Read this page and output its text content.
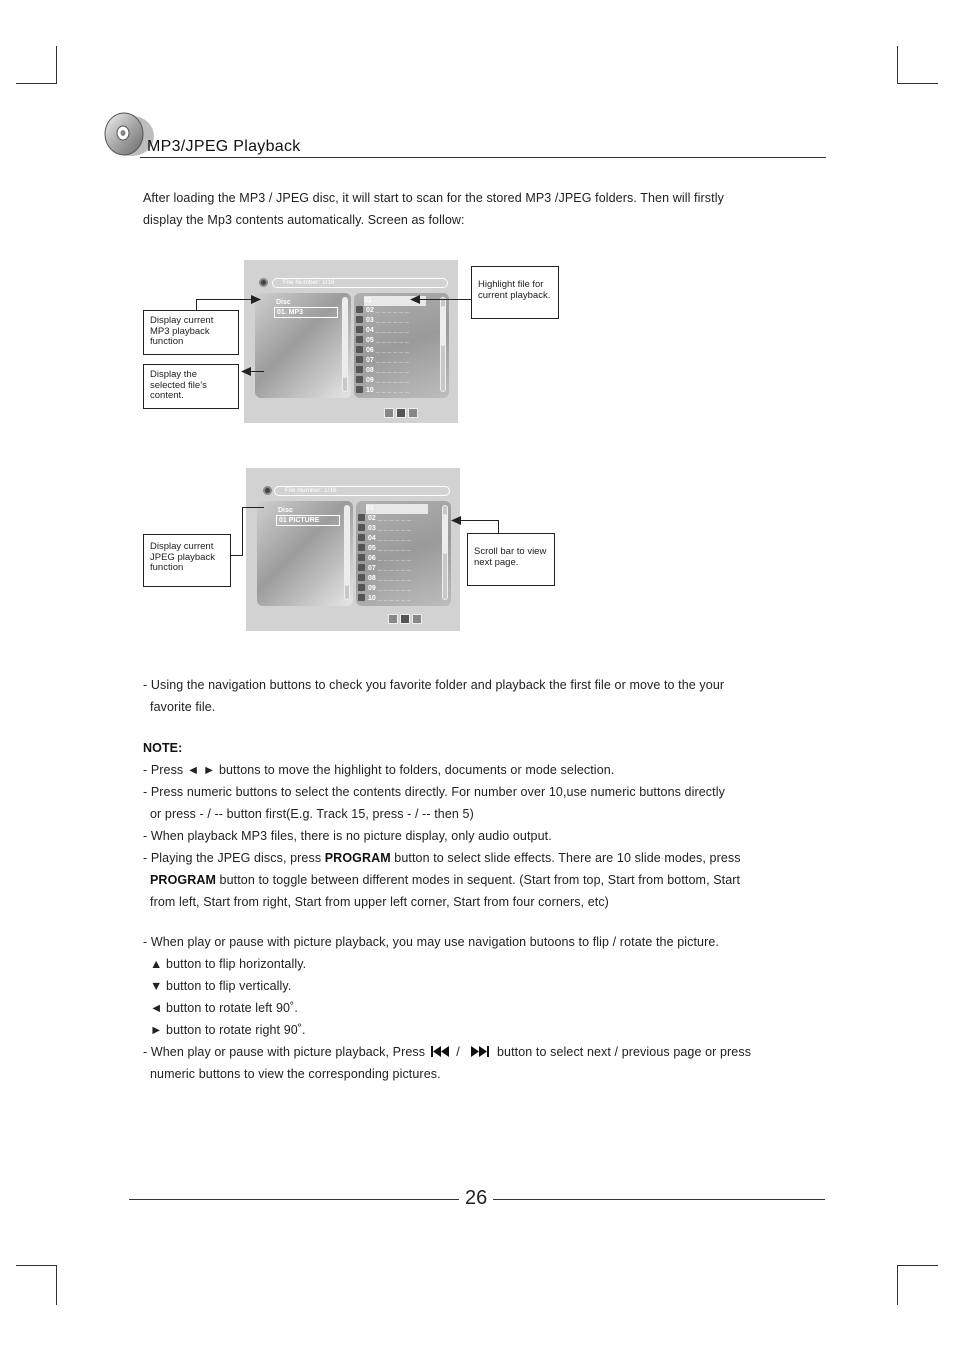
MP3/JPEG Playback
After loading the MP3 / JPEG disc, it will start to scan for the stored MP3 /JPEG folders. Then will firstly
display the Mp3 contents automatically. Screen as follow:
File Number: 1/16
Disc
01. MP3
01
02 _ _ _ _ _ _
03 _ _ _ _ _ _
04 _ _ _ _ _ _
05 _ _ _ _ _ _
06 _ _ _ _ _ _
07 _ _ _ _ _ _
08 _ _ _ _ _ _
09 _ _ _ _ _ _
10 _ _ _ _ _ _
Display current MP3 playback function
Display the selected file’s content.
Highlight file for current playback.
File Number: 1/16
Disc
01 PICTURE
01
02 _ _ _ _ _ _
03 _ _ _ _ _ _
04 _ _ _ _ _ _
05 _ _ _ _ _ _
06 _ _ _ _ _ _
07 _ _ _ _ _ _
08 _ _ _ _ _ _
09 _ _ _ _ _ _
10 _ _ _ _ _ _
Display current JPEG playback function
Scroll bar to view next page.
- Using the navigation buttons to check you favorite folder and playback the first file or move to the your
favorite file.
NOTE:
- Press ◄ ► buttons to move the highlight to folders, documents or mode selection.
- Press numeric buttons to select the contents directly. For number over 10,use numeric buttons directly
or press - / -- button first(E.g. Track 15, press - / -- then 5)
- When playback MP3 files, there is no picture display, only audio output.
- Playing the JPEG discs, press PROGRAM button to select slide effects. There are 10 slide modes, press
PROGRAM button to toggle between different modes in sequent. (Start from top, Start from bottom, Start
from left, Start from right, Start from upper left corner, Start from four corners, etc)
- When play or pause with picture playback, you may use navigation butoons to flip / rotate the picture.
▲ button to flip horizontally.
▼ button to flip vertically.
◄ button to rotate left 90˚.
► button to rotate right 90˚.
- When play or pause with picture playback, Press /	button to select next / previous page or press
numeric buttons to view the corresponding pictures.
26
